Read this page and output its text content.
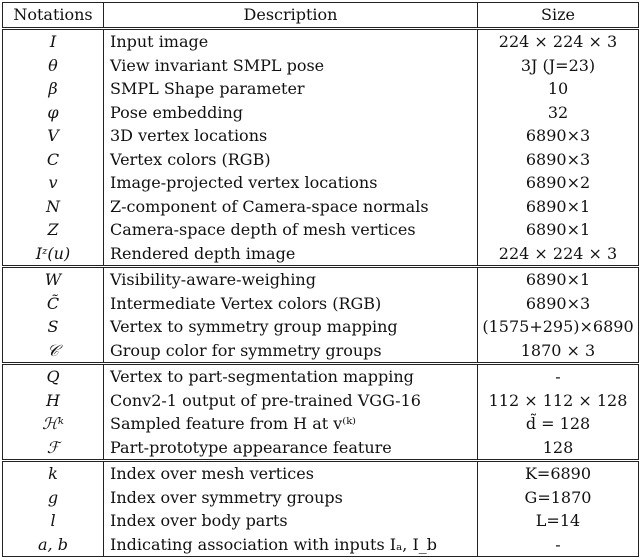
Notations	Description	Size
I	Input image	224 × 224 × 3
θ	View invariant SMPL pose	3J (J=23)
β	SMPL Shape parameter	10
φ	Pose embedding	32
V	3D vertex locations	6890×3
C	Vertex colors (RGB)	6890×3
v	Image-projected vertex locations	6890×2
N	Z-component of Camera-space normals	6890×1
Z	Camera-space depth of mesh vertices	6890×1
Iᶻ(u)	Rendered depth image	224 × 224 × 3
W	Visibility-aware-weighing	6890×1
C̃	Intermediate Vertex colors (RGB)	6890×3
S	Vertex to symmetry group mapping	(1575+295)×6890
𝒞	Group color for symmetry groups	1870 × 3
Q	Vertex to part-segmentation mapping	-
H	Conv2-1 output of pre-trained VGG-16	112 × 112 × 128
ℋᵏ	Sampled feature from H at v⁽ᵏ⁾	d̃ = 128
ℱ	Part-prototype appearance feature	128
k	Index over mesh vertices	K=6890
g	Index over symmetry groups	G=1870
l	Index over body parts	L=14
a, b	Indicating association with inputs Iₐ, I_b	-
